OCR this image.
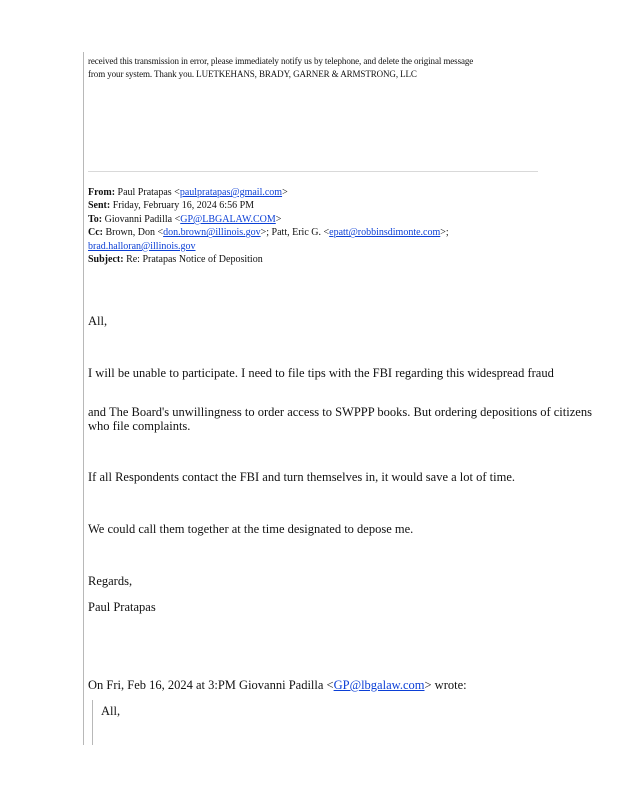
received this transmission in error, please immediately notify us by telephone, and delete the original message
from your system. Thank you. LUETKEHANS, BRADY, GARNER & ARMSTRONG, LLC
From: Paul Pratapas <paulpratapas@gmail.com>
Sent: Friday, February 16, 2024 6:56 PM
To: Giovanni Padilla <GP@LBGALAW.COM>
Cc: Brown, Don <don.brown@illinois.gov>; Patt, Eric G. <epatt@robbinsdimonte.com>;
brad.halloran@illinois.gov
Subject: Re: Pratapas Notice of Deposition
All,
I will be unable to participate. I need to file tips with the FBI regarding this widespread fraud
and The Board's unwillingness to order access to SWPPP books. But ordering depositions of citizens who file complaints.
If all Respondents contact the FBI and turn themselves in, it would save a lot of time.
We could call them together at the time designated to depose me.
Regards,
Paul Pratapas
On Fri, Feb 16, 2024 at 3:PM Giovanni Padilla <GP@lbgalaw.com> wrote:
All,
